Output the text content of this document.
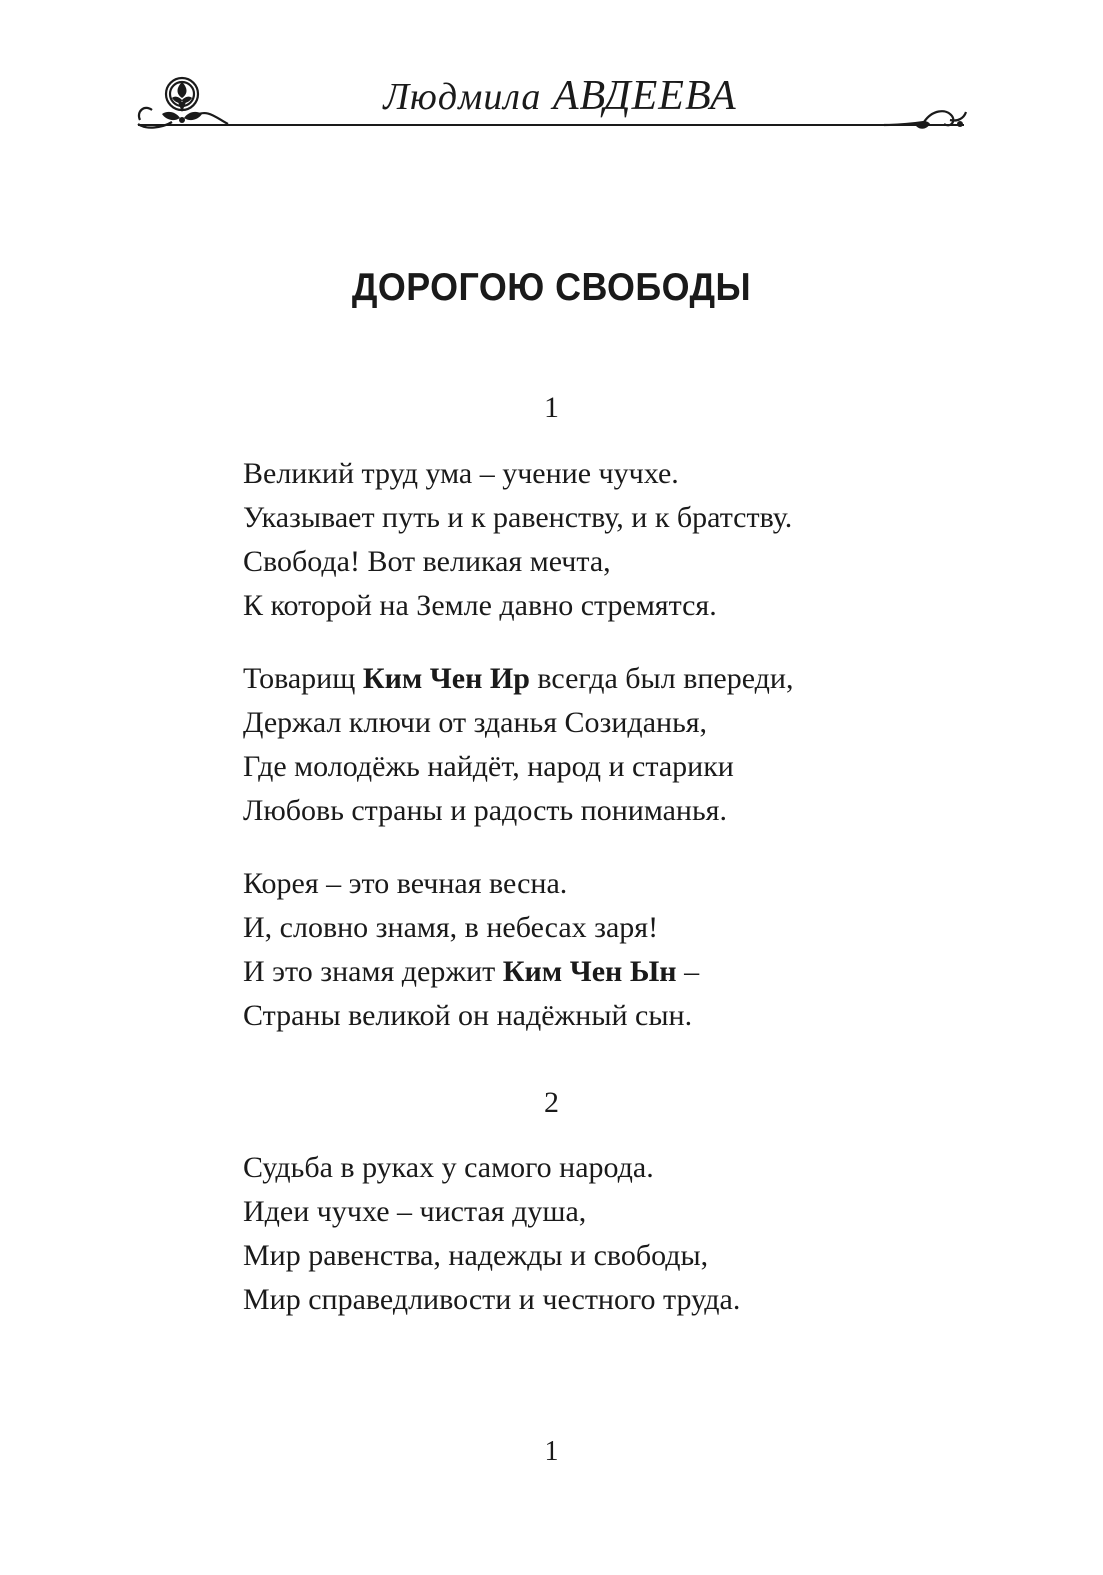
Людмила АВДЕЕВА
ДОРОГОЮ СВОБОДЫ
1
Великий труд ума – учение чучхе.
Указывает путь и к равенству, и к братству.
Свобода! Вот великая мечта,
К которой на Земле давно стремятся.
Товарищ Ким Чен Ир всегда был впереди,
Держал ключи от зданья Созиданья,
Где молодёжь найдёт, народ и старики
Любовь страны и радость пониманья.
Корея – это вечная весна.
И, словно знамя, в небесах заря!
И это знамя держит Ким Чен Ын –
Страны великой он надёжный сын.
2
Судьба в руках у самого народа.
Идеи чучхе – чистая душа,
Мир равенства, надежды и свободы,
Мир справедливости и честного труда.
1
